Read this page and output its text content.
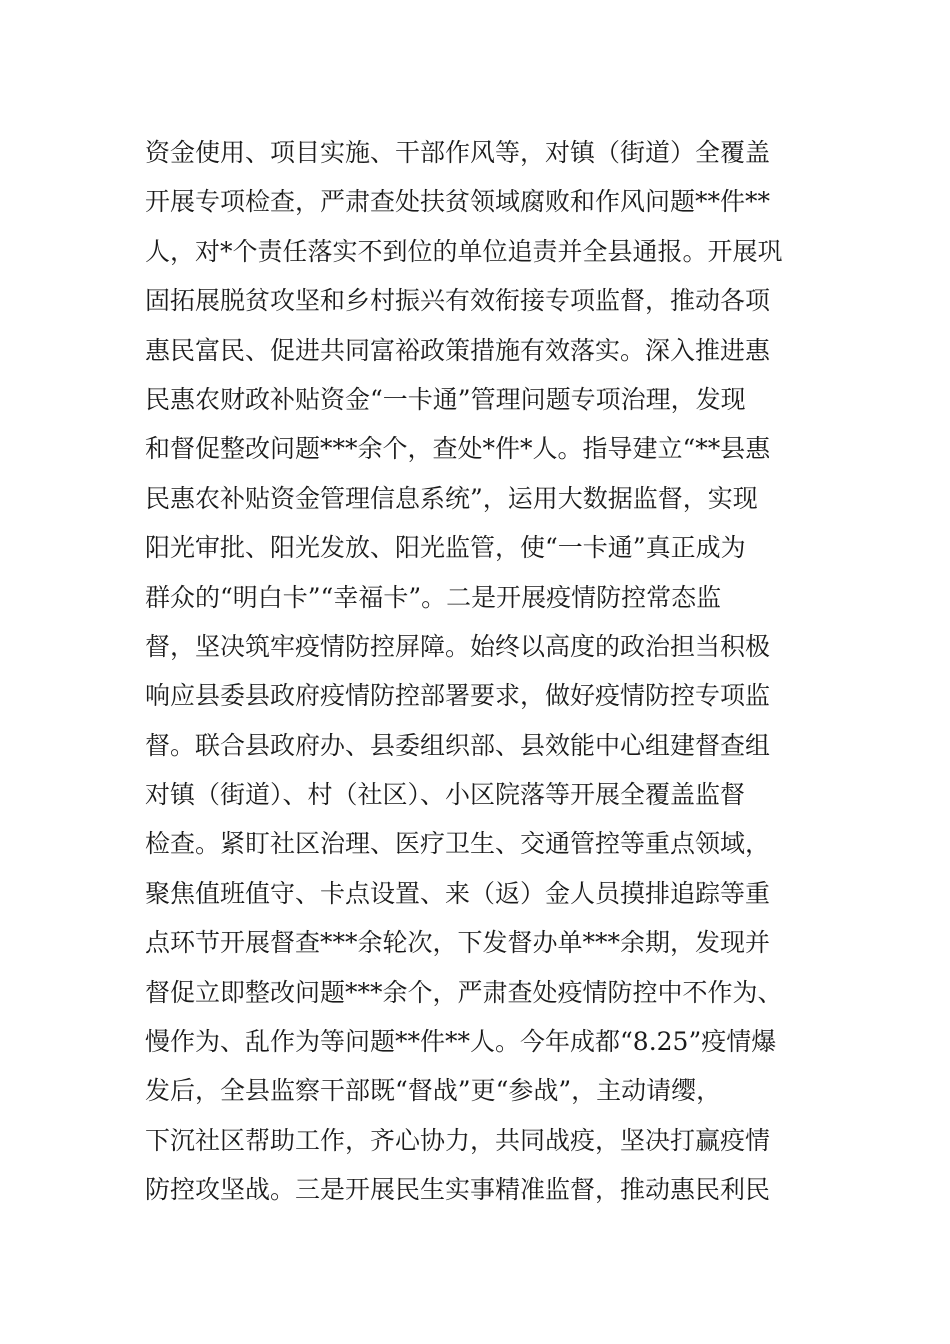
资金使用、项目实施、干部作风等，对镇（街道）全覆盖
开展专项检查，严肃查处扶贫领域腐败和作风问题**件**
人，对*个责任落实不到位的单位追责并全县通报。开展巩
固拓展脱贫攻坚和乡村振兴有效衔接专项监督，推动各项
惠民富民、促进共同富裕政策措施有效落实。深入推进惠
民惠农财政补贴资金“一卡通”管理问题专项治理，发现
和督促整改问题***余个，查处*件*人。指导建立“**县惠
民惠农补贴资金管理信息系统”，运用大数据监督，实现
阳光审批、阳光发放、阳光监管，使“一卡通”真正成为
群众的“明白卡”“幸福卡”。二是开展疫情防控常态监
督，坚决筑牢疫情防控屏障。始终以高度的政治担当积极
响应县委县政府疫情防控部署要求，做好疫情防控专项监
督。联合县政府办、县委组织部、县效能中心组建督查组
对镇（街道）、村（社区）、小区院落等开展全覆盖监督
检查。紧盯社区治理、医疗卫生、交通管控等重点领域，
聚焦值班值守、卡点设置、来（返）金人员摸排追踪等重
点环节开展督查***余轮次，下发督办单***余期，发现并
督促立即整改问题***余个，严肃查处疫情防控中不作为、
慢作为、乱作为等问题**件**人。今年成都“8.25”疫情爆
发后，全县监察干部既“督战”更“参战”，主动请缨，
下沉社区帮助工作，齐心协力，共同战疫，坚决打赢疫情
防控攻坚战。三是开展民生实事精准监督，推动惠民利民
